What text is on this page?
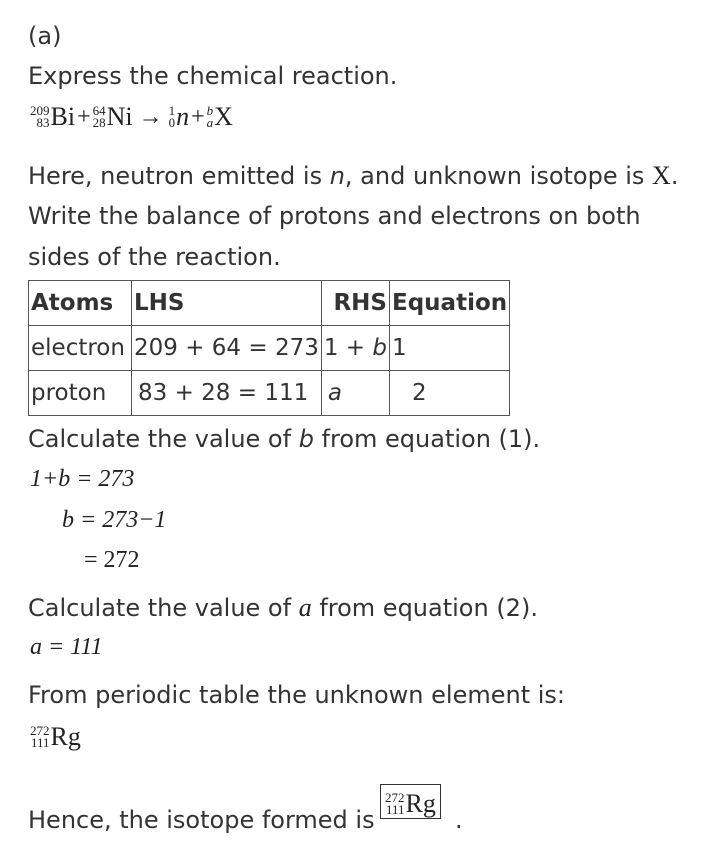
(a)
Express the chemical reaction.
209
83 Bi + 64
28 Ni → 1
0 n + b
a X
Here, neutron emitted is n, and unknown isotope is X.
Write the balance of protons and electrons on both
sides of the reaction.
Atoms	LHS	RHS	Equation
electron	209 + 64 = 273	1 + b	1
proton	83 + 28 = 111	a	2
Calculate the value of b from equation (1).
1+b = 273
b = 273−1
= 272
Calculate the value of a from equation (2).
a = 111
From periodic table the unknown element is:
272
111 Rg
Hence, the isotope formed is
272
111 Rg
.
